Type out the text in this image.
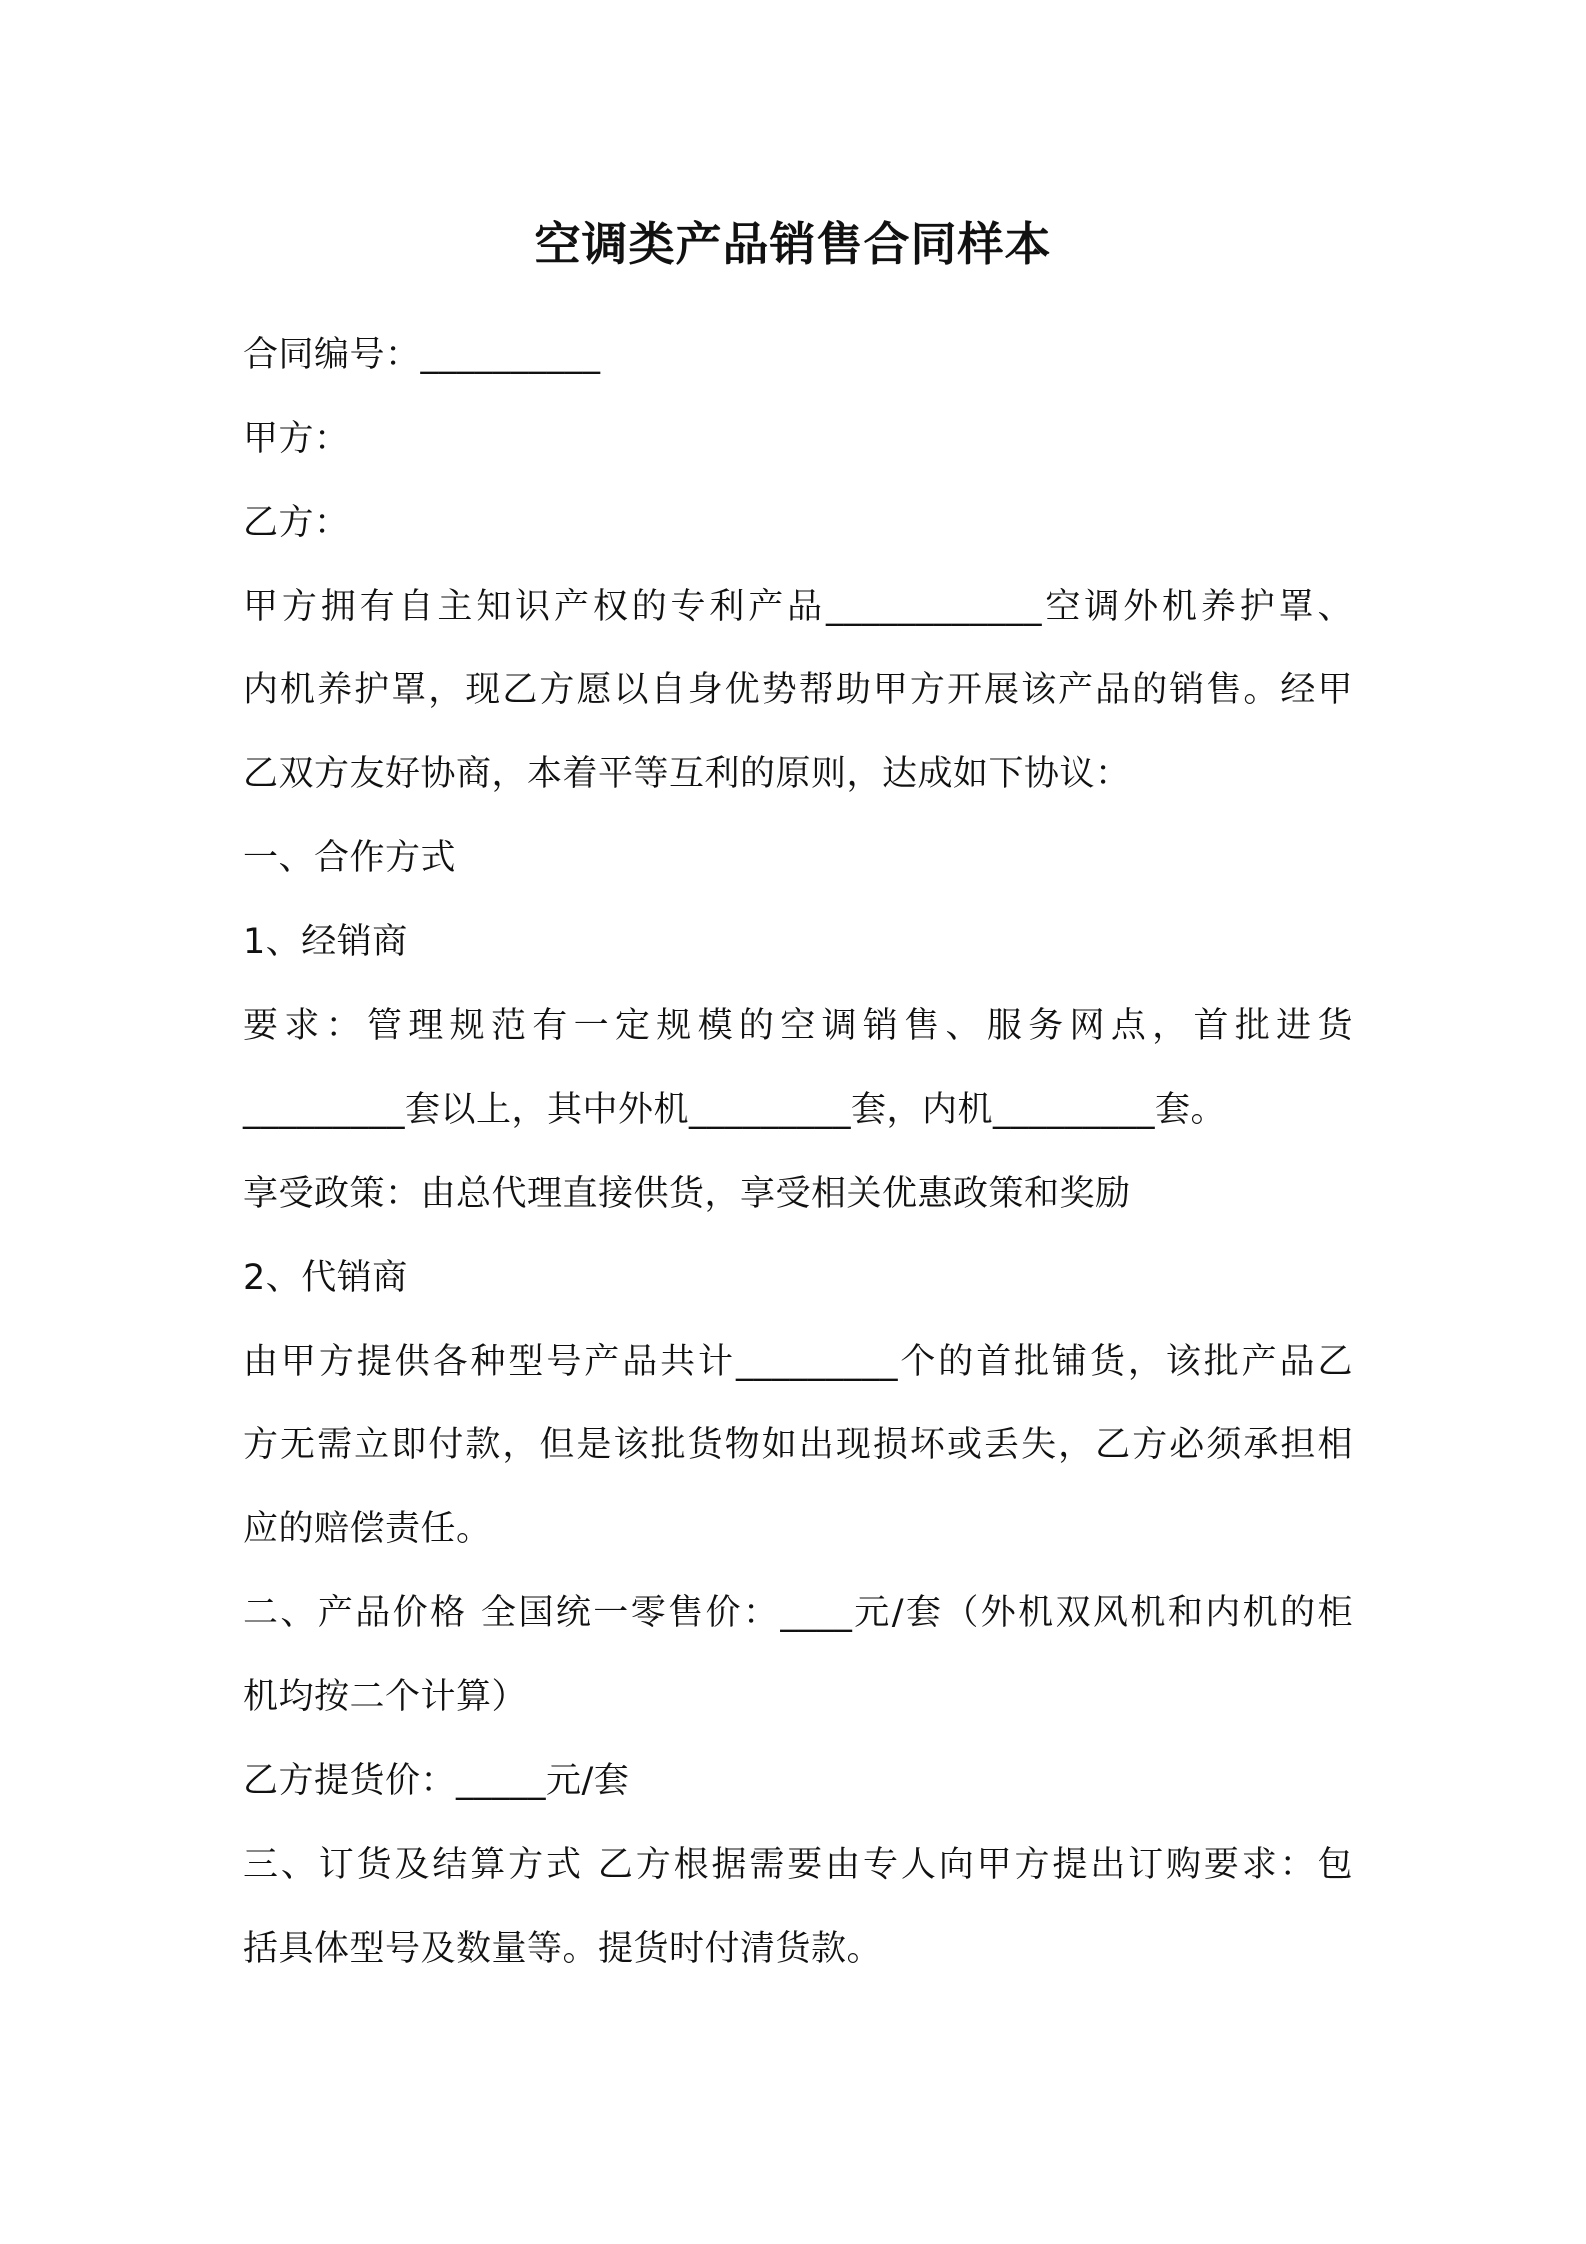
空调类产品销售合同样本
合同编号：__________
甲方：
乙方：
甲方拥有自主知识产权的专利产品____________空调外机养护罩、
内机养护罩，现乙方愿以自身优势帮助甲方开展该产品的销售。经甲
乙双方友好协商，本着平等互利的原则，达成如下协议：
一、合作方式
1、经销商
要求：管理规范有一定规模的空调销售、服务网点，首批进货
_________套以上，其中外机_________套，内机_________套。
享受政策：由总代理直接供货，享受相关优惠政策和奖励
2、代销商
由甲方提供各种型号产品共计_________个的首批铺货，该批产品乙
方无需立即付款，但是该批货物如出现损坏或丢失，乙方必须承担相
应的赔偿责任。
二、产品价格 全国统一零售价：____元/套（外机双风机和内机的柜
机均按二个计算）
乙方提货价：_____元/套
三、订货及结算方式 乙方根据需要由专人向甲方提出订购要求：包
括具体型号及数量等。提货时付清货款。
